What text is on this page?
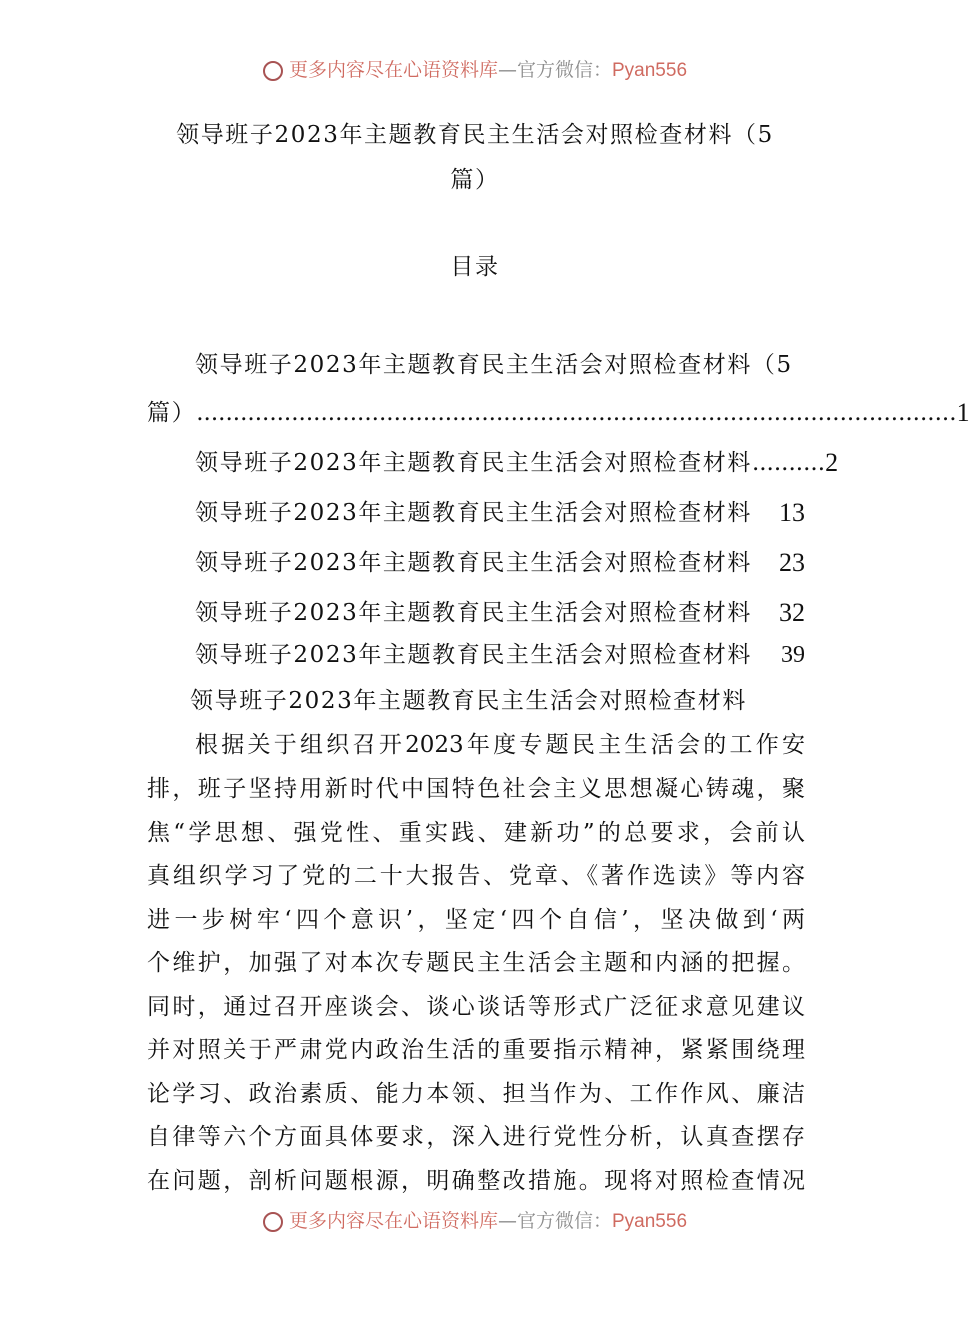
更多内容尽在心语资料库—官方微信：Pyan556
领导班子2023年主题教育民主生活会对照检查材料（5
篇）
目录
领导班子2023年主题教育民主生活会对照检查材料（5
篇） ........................................................................................................ 1
领导班子2023年主题教育民主生活会对照检查材料 .......... 2
领导班子2023年主题教育民主生活会对照检查材料 13
领导班子2023年主题教育民主生活会对照检查材料 23
领导班子2023年主题教育民主生活会对照检查材料 32
领导班子2023年主题教育民主生活会对照检查材料 39
领导班子2023年主题教育民主生活会对照检查材料
根据关于组织召开2023年度专题民主生活会的工作安
排，班子坚持用新时代中国特色社会主义思想凝心铸魂，聚
焦“学思想、强党性、重实践、建新功”的总要求，会前认
真组织学习了党的二十大报告、党章、《著作选读》等内容
进一步树牢‘四个意识’，坚定‘四个自信’，坚决做到‘两
个维护，加强了对本次专题民主生活会主题和内涵的把握。
同时，通过召开座谈会、谈心谈话等形式广泛征求意见建议
并对照关于严肃党内政治生活的重要指示精神，紧紧围绕理
论学习、政治素质、能力本领、担当作为、工作作风、廉洁
自律等六个方面具体要求，深入进行党性分析，认真查摆存
在问题，剖析问题根源，明确整改措施。现将对照检查情况
更多内容尽在心语资料库—官方微信：Pyan556
